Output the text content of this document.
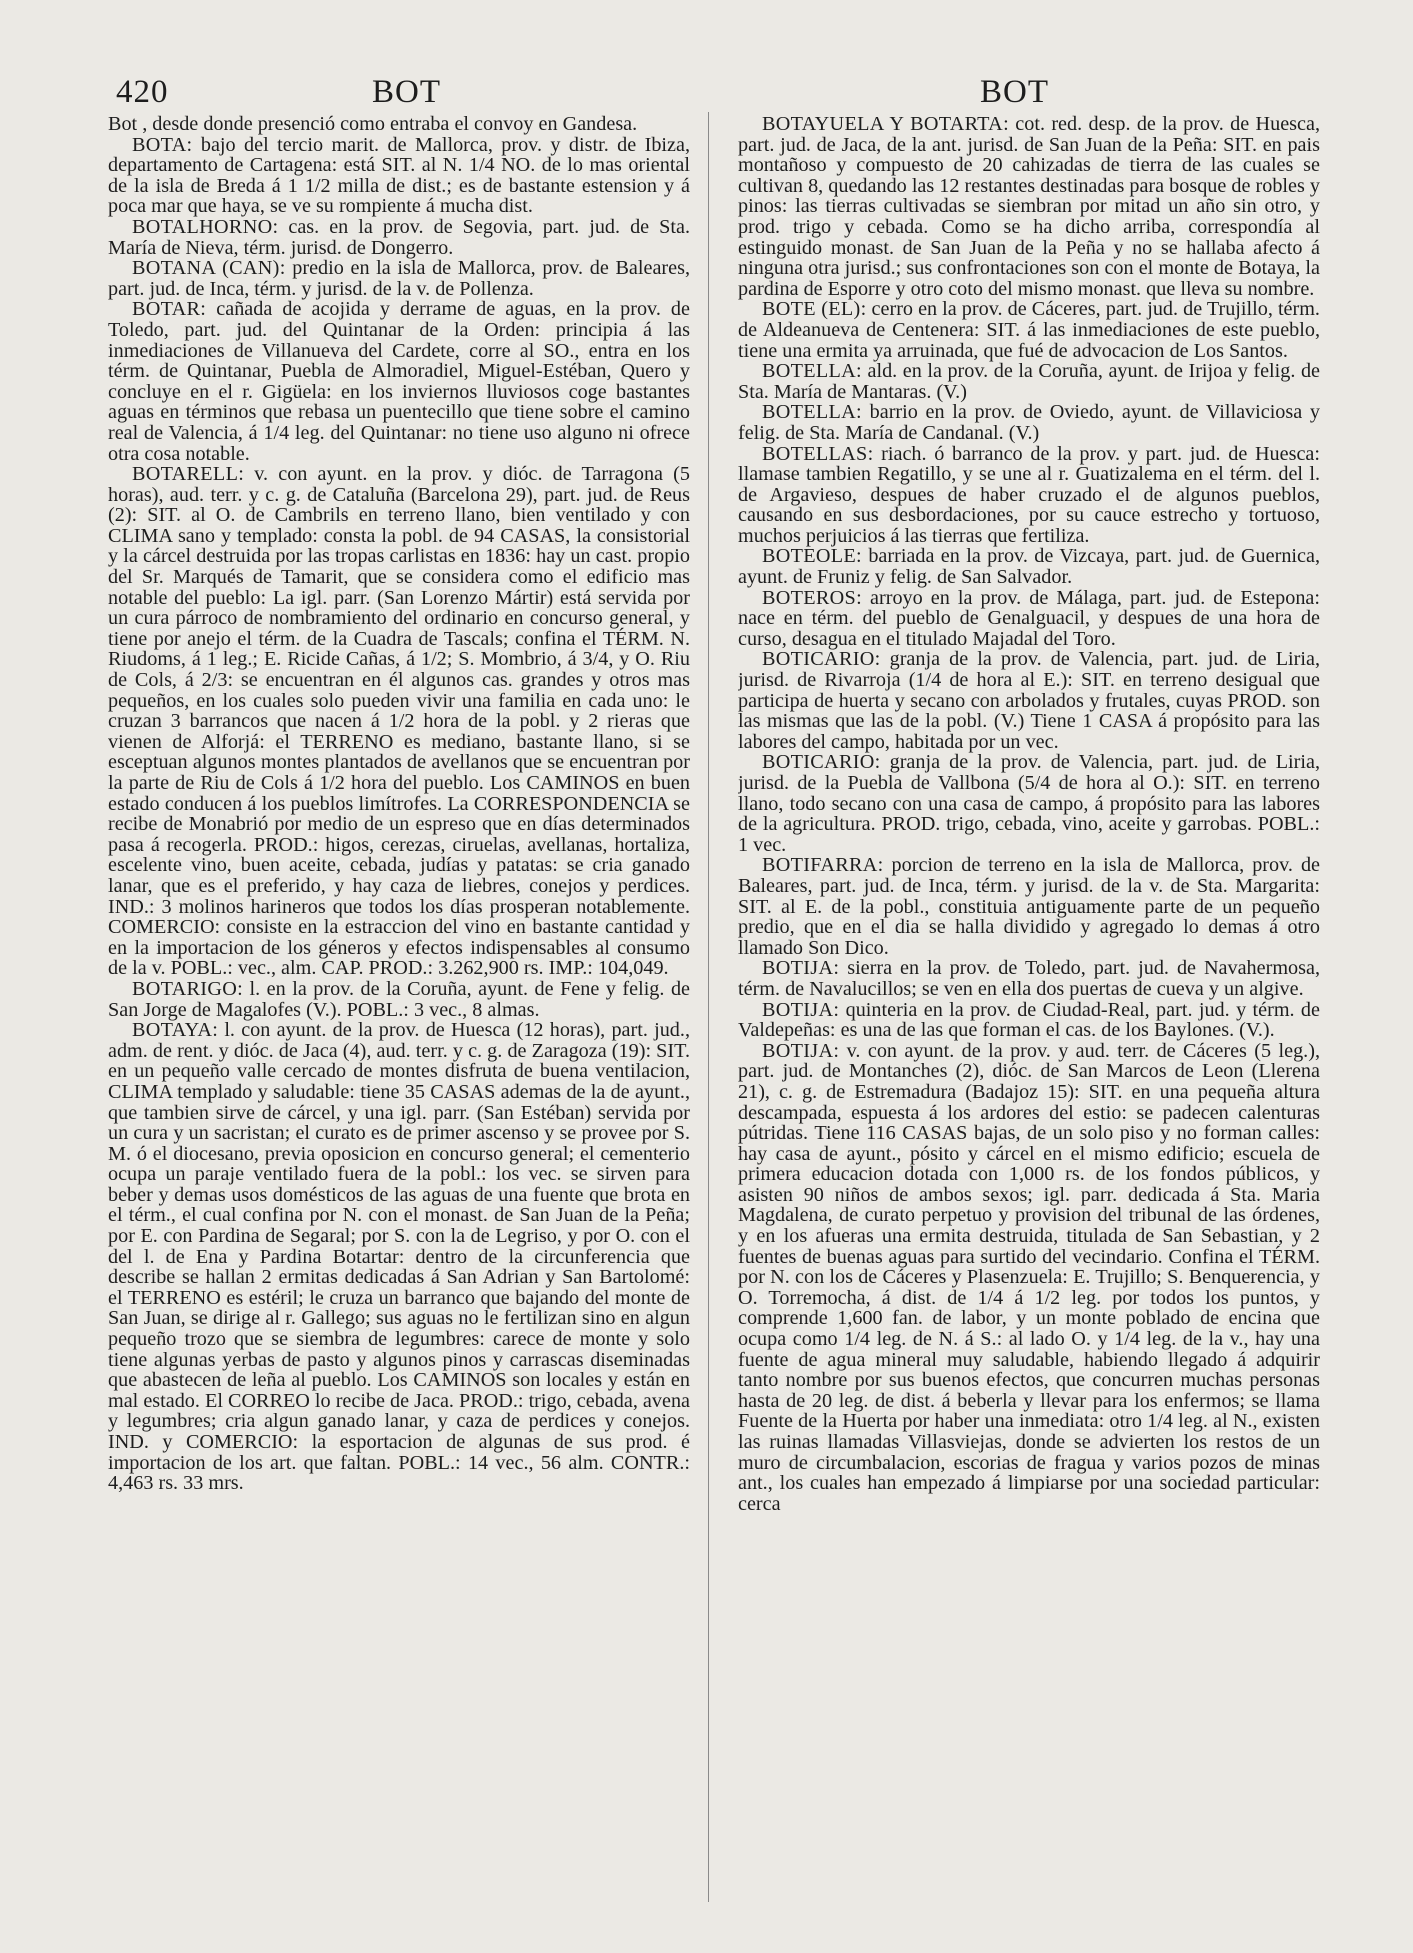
420	BOT	BOT

Bot , desde donde presenció como entraba el convoy en Gandesa.

BOTA: bajo del tercio marit. de Mallorca, prov. y distr. de Ibiza, departamento de Cartagena: está SIT. al N. 1/4 NO. de lo mas oriental de la isla de Breda á 1 1/2 milla de dist.; es de bastante estension y á poca mar que haya, se ve su rompiente á mucha dist.

BOTALHORNO: cas. en la prov. de Segovia, part. jud. de Sta. María de Nieva, térm. jurisd. de Dongerro.

BOTANA (CAN): predio en la isla de Mallorca, prov. de Baleares, part. jud. de Inca, térm. y jurisd. de la v. de Pollenza.

BOTAR: cañada de acojida y derrame de aguas, en la prov. de Toledo, part. jud. del Quintanar de la Orden: principia á las inmediaciones de Villanueva del Cardete, corre al SO., entra en los térm. de Quintanar, Puebla de Almoradiel, Miguel-Estéban, Quero y concluye en el r. Gigüela: en los inviernos lluviosos coge bastantes aguas en términos que rebasa un puentecillo que tiene sobre el camino real de Valencia, á 1/4 leg. del Quintanar: no tiene uso alguno ni ofrece otra cosa notable.

BOTARELL: v. con ayunt. en la prov. y dióc. de Tarragona (5 horas), aud. terr. y c. g. de Cataluña (Barcelona 29), part. jud. de Reus (2): SIT. al O. de Cambrils en terreno llano, bien ventilado y con CLIMA sano y templado: consta la pobl. de 94 CASAS, la consistorial y la cárcel destruida por las tropas carlistas en 1836: hay un cast. propio del Sr. Marqués de Tamarit, que se considera como el edificio mas notable del pueblo: La igl. parr. (San Lorenzo Mártir) está servida por un cura párroco de nombramiento del ordinario en concurso general, y tiene por anejo el térm. de la Cuadra de Tascals; confina el TÉRM. N. Riudoms, á 1 leg.; E. Ricide Cañas, á 1/2; S. Mombrio, á 3/4, y O. Riu de Cols, á 2/3: se encuentran en él algunos cas. grandes y otros mas pequeños, en los cuales solo pueden vivir una familia en cada uno: le cruzan 3 barrancos que nacen á 1/2 hora de la pobl. y 2 rieras que vienen de Alforjá: el TERRENO es mediano, bastante llano, si se esceptuan algunos montes plantados de avellanos que se encuentran por la parte de Riu de Cols á 1/2 hora del pueblo. Los CAMINOS en buen estado conducen á los pueblos limítrofes. La CORRESPONDENCIA se recibe de Monabrió por medio de un espreso que en días determinados pasa á recogerla. PROD.: higos, cerezas, ciruelas, avellanas, hortaliza, escelente vino, buen aceite, cebada, judías y patatas: se cria ganado lanar, que es el preferido, y hay caza de liebres, conejos y perdices. IND.: 3 molinos harineros que todos los días prosperan notablemente. COMERCIO: consiste en la estraccion del vino en bastante cantidad y en la importacion de los géneros y efectos indispensables al consumo de la v. POBL.: vec., alm. CAP. PROD.: 3.262,900 rs. IMP.: 104,049.

BOTARIGO: l. en la prov. de la Coruña, ayunt. de Fene y felig. de San Jorge de Magalofes (V.). POBL.: 3 vec., 8 almas.

BOTAYA: l. con ayunt. de la prov. de Huesca (12 horas), part. jud., adm. de rent. y dióc. de Jaca (4), aud. terr. y c. g. de Zaragoza (19): SIT. en un pequeño valle cercado de montes disfruta de buena ventilacion, CLIMA templado y saludable: tiene 35 CASAS ademas de la de ayunt., que tambien sirve de cárcel, y una igl. parr. (San Estéban) servida por un cura y un sacristan; el curato es de primer ascenso y se provee por S. M. ó el diocesano, previa oposicion en concurso general; el cementerio ocupa un paraje ventilado fuera de la pobl.: los vec. se sirven para beber y demas usos domésticos de las aguas de una fuente que brota en el térm., el cual confina por N. con el monast. de San Juan de la Peña; por E. con Pardina de Segaral; por S. con la de Legriso, y por O. con el del l. de Ena y Pardina Botartar: dentro de la circunferencia que describe se hallan 2 ermitas dedicadas á San Adrian y San Bartolomé: el TERRENO es estéril; le cruza un barranco que bajando del monte de San Juan, se dirige al r. Gallego; sus aguas no le fertilizan sino en algun pequeño trozo que se siembra de legumbres: carece de monte y solo tiene algunas yerbas de pasto y algunos pinos y carrascas diseminadas que abastecen de leña al pueblo. Los CAMINOS son locales y están en mal estado. El CORREO lo recibe de Jaca. PROD.: trigo, cebada, avena y legumbres; cria algun ganado lanar, y caza de perdices y conejos. IND. y COMERCIO: la esportacion de algunas de sus prod. é importacion de los art. que faltan. POBL.: 14 vec., 56 alm. CONTR.: 4,463 rs. 33 mrs.

BOTAYUELA Y BOTARTA: cot. red. desp. de la prov. de Huesca, part. jud. de Jaca, de la ant. jurisd. de San Juan de la Peña: SIT. en pais montañoso y compuesto de 20 cahizadas de tierra de las cuales se cultivan 8, quedando las 12 restantes destinadas para bosque de robles y pinos: las tierras cultivadas se siembran por mitad un año sin otro, y prod. trigo y cebada. Como se ha dicho arriba, correspondía al estinguido monast. de San Juan de la Peña y no se hallaba afecto á ninguna otra jurisd.; sus confrontaciones son con el monte de Botaya, la pardina de Esporre y otro coto del mismo monast. que lleva su nombre.

BOTE (EL): cerro en la prov. de Cáceres, part. jud. de Trujillo, térm. de Aldeanueva de Centenera: SIT. á las inmediaciones de este pueblo, tiene una ermita ya arruinada, que fué de advocacion de Los Santos.

BOTELLA: ald. en la prov. de la Coruña, ayunt. de Irijoa y felig. de Sta. María de Mantaras. (V.)

BOTELLA: barrio en la prov. de Oviedo, ayunt. de Villaviciosa y felig. de Sta. María de Candanal. (V.)

BOTELLAS: riach. ó barranco de la prov. y part. jud. de Huesca: llamase tambien Regatillo, y se une al r. Guatizalema en el térm. del l. de Argavieso, despues de haber cruzado el de algunos pueblos, causando en sus desbordaciones, por su cauce estrecho y tortuoso, muchos perjuicios á las tierras que fertiliza.

BOTEOLE: barriada en la prov. de Vizcaya, part. jud. de Guernica, ayunt. de Fruniz y felig. de San Salvador.

BOTEROS: arroyo en la prov. de Málaga, part. jud. de Estepona: nace en térm. del pueblo de Genalguacil, y despues de una hora de curso, desagua en el titulado Majadal del Toro.

BOTICARIO: granja de la prov. de Valencia, part. jud. de Liria, jurisd. de Rivarroja (1/4 de hora al E.): SIT. en terreno desigual que participa de huerta y secano con arbolados y frutales, cuyas PROD. son las mismas que las de la pobl. (V.) Tiene 1 CASA á propósito para las labores del campo, habitada por un vec.

BOTICARIO: granja de la prov. de Valencia, part. jud. de Liria, jurisd. de la Puebla de Vallbona (5/4 de hora al O.): SIT. en terreno llano, todo secano con una casa de campo, á propósito para las labores de la agricultura. PROD. trigo, cebada, vino, aceite y garrobas. POBL.: 1 vec.

BOTIFARRA: porcion de terreno en la isla de Mallorca, prov. de Baleares, part. jud. de Inca, térm. y jurisd. de la v. de Sta. Margarita: SIT. al E. de la pobl., constituia antiguamente parte de un pequeño predio, que en el dia se halla dividido y agregado lo demas á otro llamado Son Dico.

BOTIJA: sierra en la prov. de Toledo, part. jud. de Navahermosa, térm. de Navalucillos; se ven en ella dos puertas de cueva y un algive.

BOTIJA: quinteria en la prov. de Ciudad-Real, part. jud. y térm. de Valdepeñas: es una de las que forman el cas. de los Baylones. (V.).

BOTIJA: v. con ayunt. de la prov. y aud. terr. de Cáceres (5 leg.), part. jud. de Montanches (2), dióc. de San Marcos de Leon (Llerena 21), c. g. de Estremadura (Badajoz 15): SIT. en una pequeña altura descampada, espuesta á los ardores del estio: se padecen calenturas pútridas. Tiene 116 CASAS bajas, de un solo piso y no forman calles: hay casa de ayunt., pósito y cárcel en el mismo edificio; escuela de primera educacion dotada con 1,000 rs. de los fondos públicos, y asisten 90 niños de ambos sexos; igl. parr. dedicada á Sta. Maria Magdalena, de curato perpetuo y provision del tribunal de las órdenes, y en los afueras una ermita destruida, titulada de San Sebastian, y 2 fuentes de buenas aguas para surtido del vecindario. Confina el TÉRM. por N. con los de Cáceres y Plasenzuela: E. Trujillo; S. Benquerencia, y O. Torremocha, á dist. de 1/4 á 1/2 leg. por todos los puntos, y comprende 1,600 fan. de labor, y un monte poblado de encina que ocupa como 1/4 leg. de N. á S.: al lado O. y 1/4 leg. de la v., hay una fuente de agua mineral muy saludable, habiendo llegado á adquirir tanto nombre por sus buenos efectos, que concurren muchas personas hasta de 20 leg. de dist. á beberla y llevar para los enfermos; se llama Fuente de la Huerta por haber una inmediata: otro 1/4 leg. al N., existen las ruinas llamadas Villasviejas, donde se advierten los restos de un muro de circumbalacion, escorias de fragua y varios pozos de minas ant., los cuales han empezado á limpiarse por una sociedad particular: cerca
